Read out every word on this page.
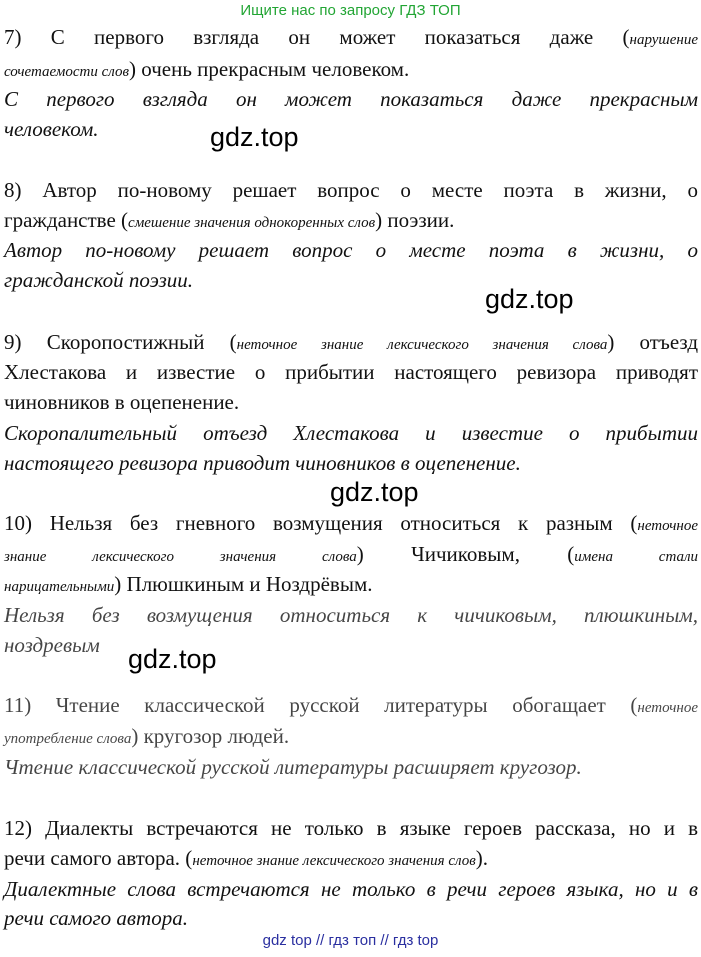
Ищите нас по запросу ГДЗ ТОП
7) С первого взгляда он может показаться даже (нарушение
сочетаемости слов) очень прекрасным человеком.
С первого взгляда он может показаться даже прекрасным
человеком.	gdz.top
8) Автор по-новому решает вопрос о месте поэта в жизни, о
гражданстве (смешение значения однокоренных слов) поэзии.
Автор по-новому решает вопрос о месте поэта в жизни, о
гражданской поэзии.
gdz.top
9) Скоропостижный (неточное знание лексического значения слова) отъезд
Хлестакова и известие о прибытии настоящего ревизора приводят
чиновников в оцепенение.
Скоропалительный отъезд Хлестакова и известие о прибытии
настоящего ревизора приводит чиновников в оцепенение.
gdz.top
10) Нельзя без гневного возмущения относиться к разным (неточное
знание лексического значения слова) Чичиковым, (имена стали
нарицательными) Плюшкиным и Ноздрёвым.
Нельзя без возмущения относиться к чичиковым, плюшкиным,
ноздревым	gdz.top
11) Чтение классической русской литературы обогащает (неточное
употребление слова) кругозор людей.
Чтение классической русской литературы расширяет кругозор.
12) Диалекты встречаются не только в языке героев рассказа, но и в
речи самого автора. (неточное знание лексического значения слов).
Диалектные слова встречаются не только в речи героев языка, но и в
речи самого автора.
gdz top // гдз топ // гдз top
